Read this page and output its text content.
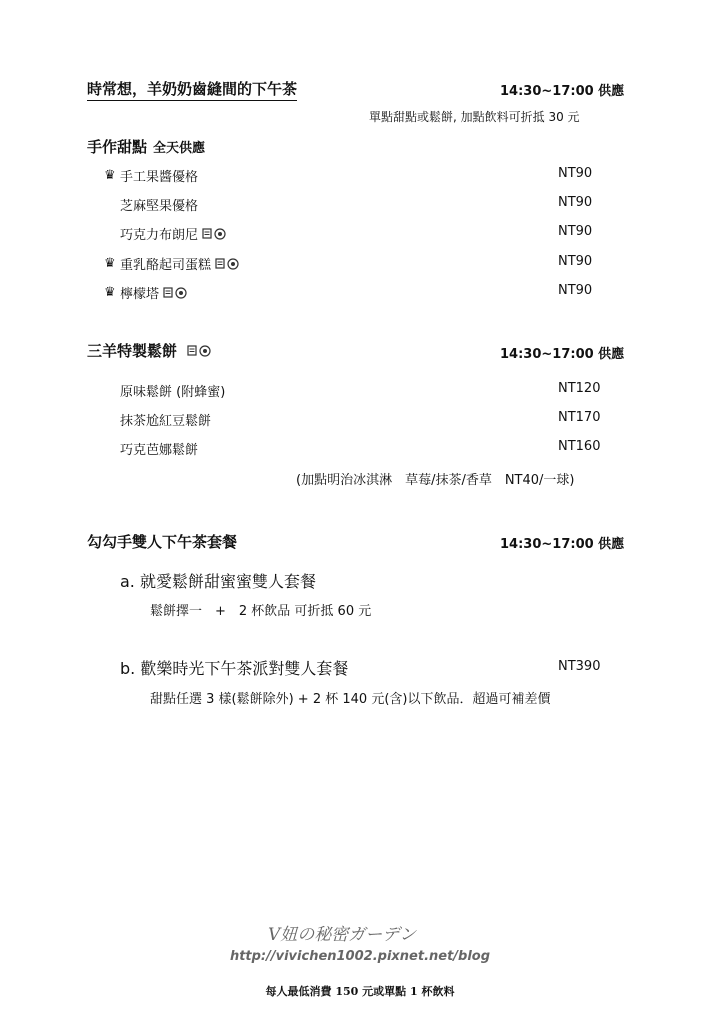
時常想，羊奶奶齒縫間的下午茶	14:30~17:00 供應
單點甜點或鬆餅, 加點飲料可折抵 30 元
手作甜點 全天供應
♛ 手工果醬優格	NT90
芝麻堅果優格	NT90
巧克力布朗尼	NT90
♛ 重乳酪起司蛋糕	NT90
♛ 檸檬塔	NT90
三羊特製鬆餅	14:30~17:00 供應
原味鬆餅 (附蜂蜜)	NT120
抹茶尬紅豆鬆餅	NT170
巧克芭娜鬆餅	NT160
(加點明治冰淇淋　草莓/抹茶/香草　NT40/一球)
勾勾手雙人下午茶套餐	14:30~17:00 供應
a. 就愛鬆餅甜蜜蜜雙人套餐
鬆餅擇一　+　2 杯飲品 可折抵 60 元
b. 歡樂時光下午茶派對雙人套餐	NT390
甜點任選 3 樣(鬆餅除外) + 2 杯 140 元(含)以下飲品．超過可補差價
V妞の秘密ガーデン
http://vivichen1002.pixnet.net/blog
每人最低消費 150 元或單點 1 杯飲料
